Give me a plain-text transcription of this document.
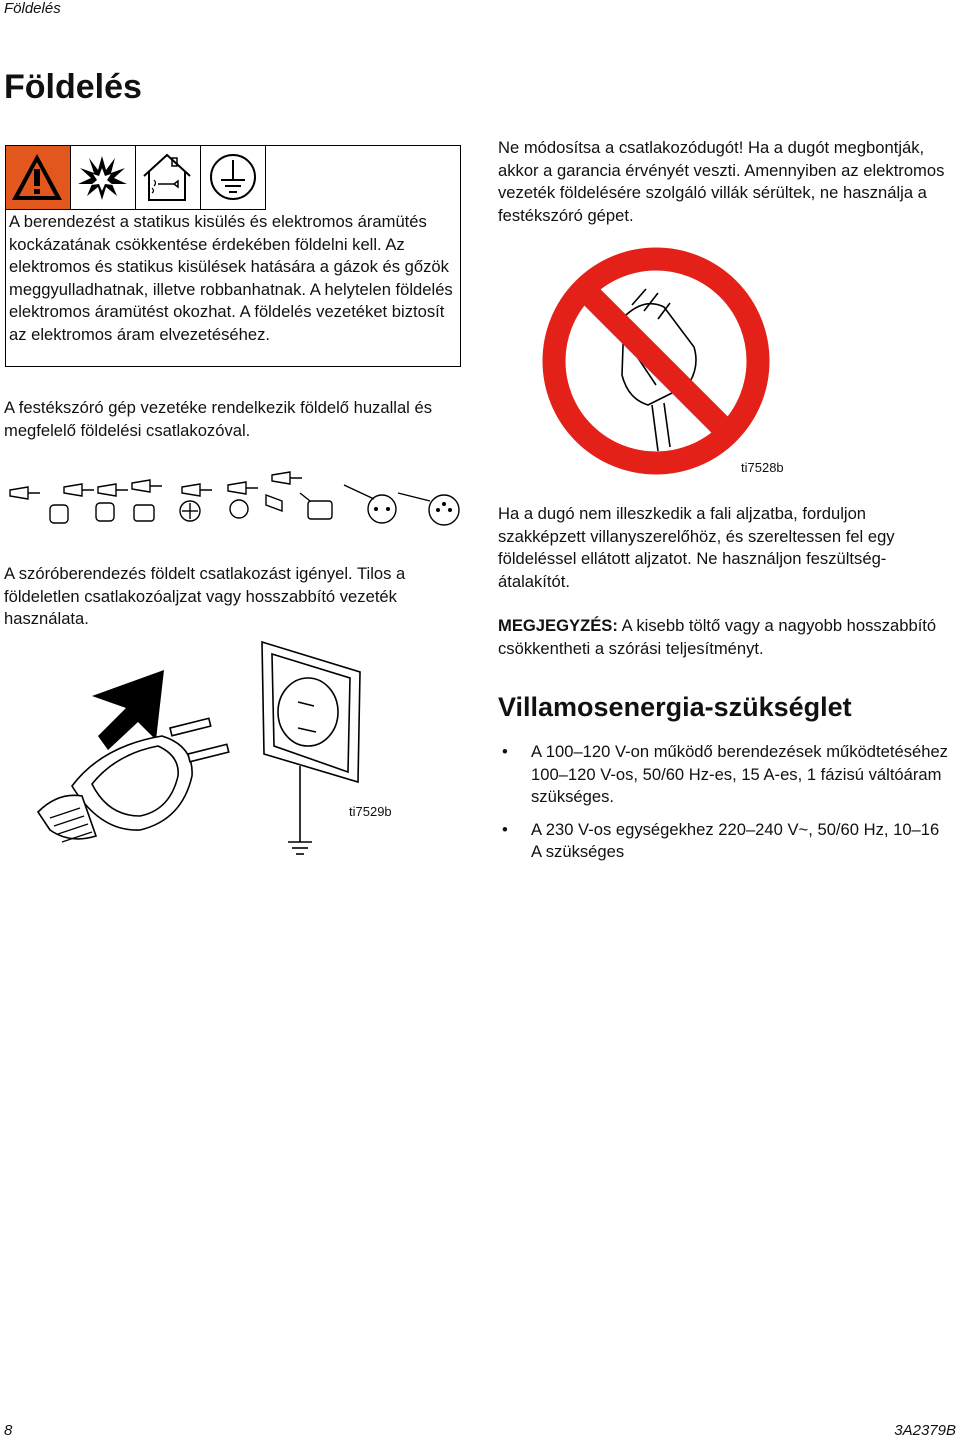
Földelés
Földelés
A berendezést a statikus kisülés és elektromos áramütés kockázatának csökkentése érdekében földelni kell. Az elektromos és statikus kisülések hatására a gázok és gőzök meggyulladhatnak, illetve robbanhatnak. A helytelen földelés elektromos áramütést okozhat. A földelés vezetéket biztosít az elektromos áram elvezetéséhez.
A festékszóró gép vezetéke rendelkezik földelő huzallal és megfelelő földelési csatlakozóval.
A szóróberendezés földelt csatlakozást igényel. Tilos a földeletlen csatlakozóaljzat vagy hosszabbító vezeték használata.
ti7529b
Ne módosítsa a csatlakozódugót! Ha a dugót megbontják, akkor a garancia érvényét veszti. Amennyiben az elektromos vezeték földelésére szolgáló villák sérültek, ne használja a festékszóró gépet.
ti7528b
Ha a dugó nem illeszkedik a fali aljzatba, forduljon szakképzett villanyszerelőhöz, és szereltessen fel egy földeléssel ellátott aljzatot. Ne használjon feszültség-átalakítót.
MEGJEGYZÉS: A kisebb töltő vagy a nagyobb hosszabbító csökkentheti a szórási teljesítményt.
Villamosenergia-szükséglet
• A 100–120 V-on működő berendezések működtetéséhez 100–120 V-os, 50/60 Hz-es, 15 A-es, 1 fázisú váltóáram szükséges.
• A 230 V-os egységekhez 220–240 V~, 50/60 Hz, 10–16 A szükséges
8	3A2379B
